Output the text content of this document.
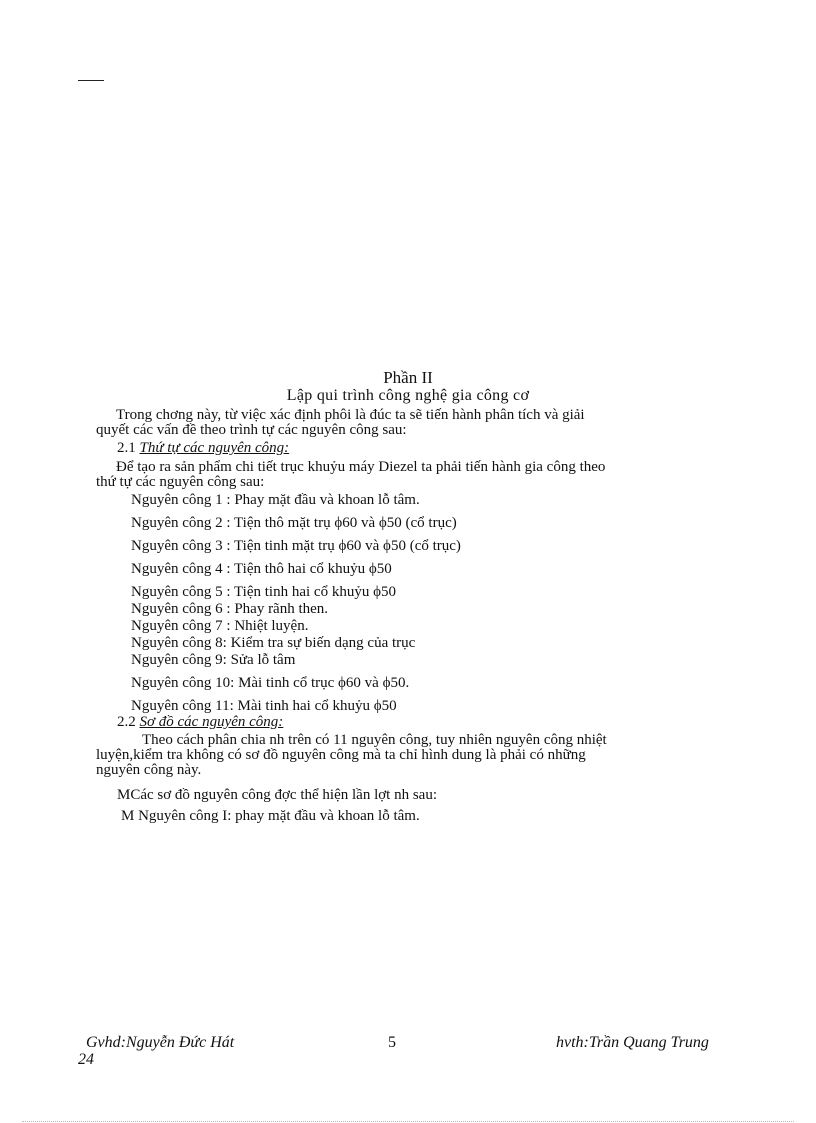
Phần II
Lập qui trình công nghệ gia công cơ
Trong chơng này, từ việc xác định phôi là đúc ta sẽ tiến hành phân tích và giải
quyết các vấn đề theo trình tự các nguyên công sau:
2.1 Thứ tự các nguyên công:
Để tạo ra sản phẩm chi tiết trục khuỷu máy Diezel ta phải tiến hành gia công theo
thứ tự các nguyên công sau:
Nguyên công 1 : Phay mặt đầu và khoan lỗ tâm.
Nguyên công 2 : Tiện thô mặt trụ ϕ60 và ϕ50 (cổ trục)
Nguyên công 3 : Tiện tinh mặt trụ ϕ60 và ϕ50 (cổ trục)
Nguyên công 4 : Tiện thô hai cổ khuỷu ϕ50
Nguyên công 5 : Tiện tinh hai cổ khuỷu ϕ50
Nguyên công 6 : Phay rãnh then.
Nguyên công 7 : Nhiệt luyện.
Nguyên công 8: Kiểm tra sự biến dạng của trục
Nguyên công 9: Sửa lỗ tâm
Nguyên công 10: Mài tinh cổ trục ϕ60 và ϕ50.
Nguyên công 11: Mài tinh hai cổ khuỷu ϕ50
2.2 Sơ đồ các nguyên công:
Theo cách phân chia nh trên có 11 nguyên công, tuy nhiên nguyên công nhiệt
luyện,kiểm tra không có sơ đồ nguyên công mà ta chỉ hình dung là phải có những
nguyên công này.
MCác sơ đồ nguyên công đợc thể hiện lần lợt nh sau:
M Nguyên công I: phay mặt đầu và khoan lỗ tâm.
Gvhd:Nguyễn Đức Hát	5	hvth:Trần Quang Trung
24
